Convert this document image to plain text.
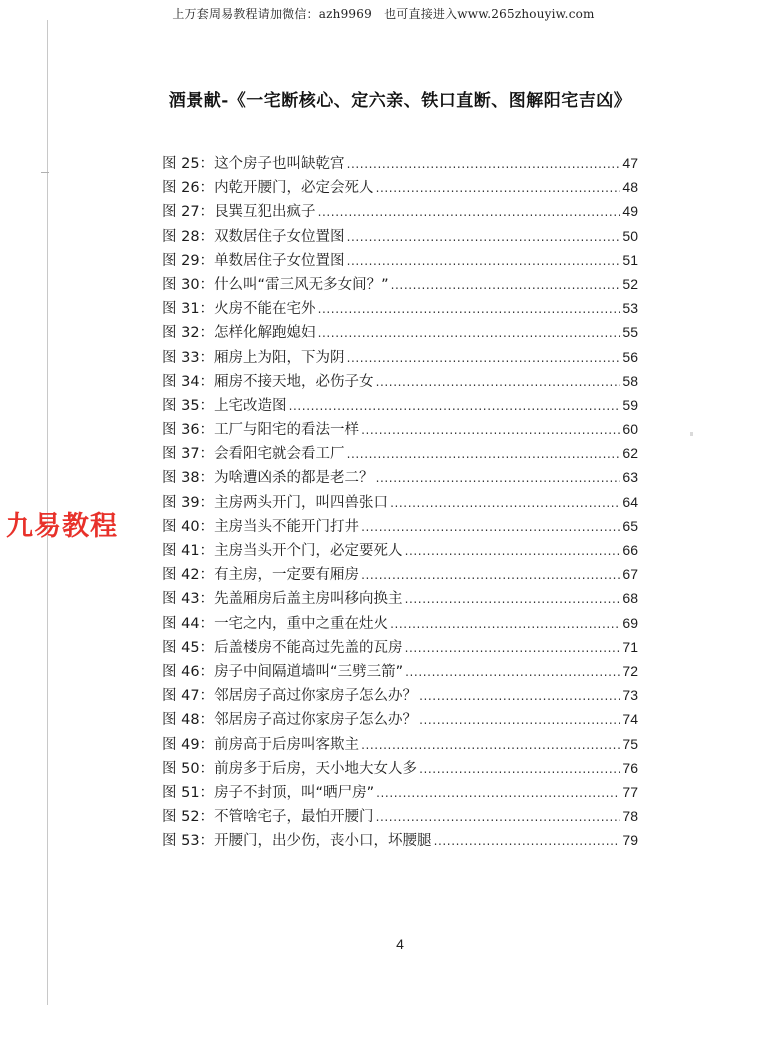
上万套周易教程请加微信：azh9969　也可直接进入www.265zhouyiw.com
酒景献-《一宅断核心、定六亲、铁口直断、图解阳宅吉凶》
九易教程
图 25： 这个房子也叫缺乾宫 .....	47
图 26： 内乾开腰门，必定会死人 .....	48
图 27： 艮巽互犯出疯子 .....	49
图 28： 双数居住子女位置图 .....	50
图 29： 单数居住子女位置图 .....	51
图 30： 什么叫“雷三风无多女间？” .....	52
图 31： 火房不能在宅外 .....	53
图 32： 怎样化解跑媳妇 .....	55
图 33： 厢房上为阳，下为阴 .....	56
图 34： 厢房不接天地，必伤子女 .....	58
图 35： 上宅改造图 .....	59
图 36： 工厂与阳宅的看法一样 .....	60
图 37： 会看阳宅就会看工厂 .....	62
图 38： 为啥遭凶杀的都是老二？ .....	63
图 39： 主房两头开门，叫四兽张口 .....	64
图 40： 主房当头不能开门打井 .....	65
图 41： 主房当头开个门，必定要死人 .....	66
图 42： 有主房，一定要有厢房 .....	67
图 43： 先盖厢房后盖主房叫移向换主 .....	68
图 44： 一宅之内，重中之重在灶火 .....	69
图 45： 后盖楼房不能高过先盖的瓦房 .....	71
图 46： 房子中间隔道墙叫“三劈三箭” .....	72
图 47： 邻居房子高过你家房子怎么办？ .....	73
图 48： 邻居房子高过你家房子怎么办？ .....	74
图 49： 前房高于后房叫客欺主 .....	75
图 50： 前房多于后房，天小地大女人多 .....	76
图 51： 房子不封顶，叫“晒尸房” .....	77
图 52： 不管啥宅子，最怕开腰门 .....	78
图 53： 开腰门，出少伤，丧小口，坏腰腿 .....	79
4
